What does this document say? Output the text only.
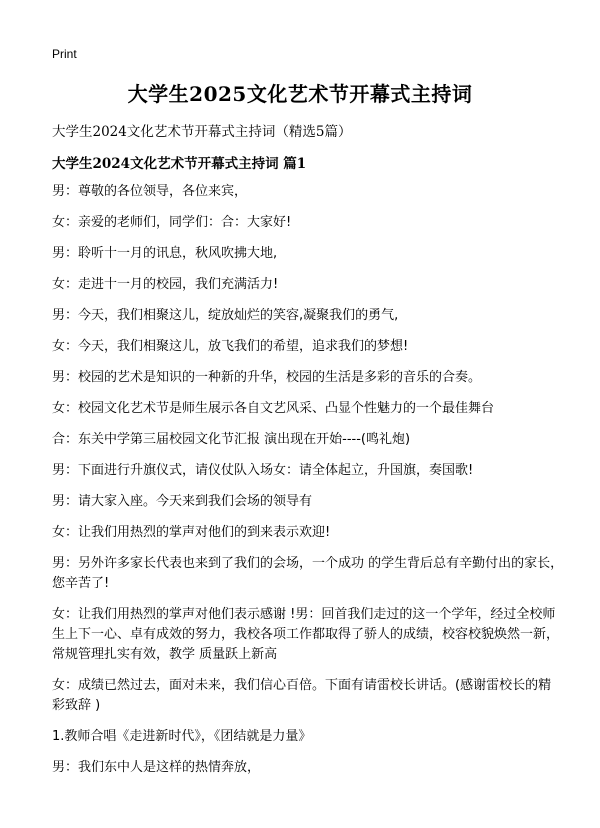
Print
大学生2025文化艺术节开幕式主持词
大学生2024文化艺术节开幕式主持词（精选5篇）
大学生2024文化艺术节开幕式主持词 篇1

男：尊敬的各位领导，各位来宾，

女：亲爱的老师们，同学们：合：大家好!

男：聆听十一月的讯息，秋风吹拂大地,

女：走进十一月的校园，我们充满活力!

男：今天，我们相聚这儿，绽放灿烂的笑容,凝聚我们的勇气,

女：今天，我们相聚这儿，放飞我们的希望，追求我们的梦想!

男：校园的艺术是知识的一种新的升华，校园的生活是多彩的音乐的合奏。

女：校园文化艺术节是师生展示各自文艺风采、凸显个性魅力的一个最佳舞台

合：东关中学第三届校园文化节汇报 演出现在开始----(鸣礼炮)

男：下面进行升旗仪式，请仪仗队入场女：请全体起立，升国旗，奏国歌!

男：请大家入座。今天来到我们会场的领导有

女：让我们用热烈的掌声对他们的到来表示欢迎!

男：另外许多家长代表也来到了我们的会场，一个成功 的学生背后总有辛勤付出的家长，您辛苦了!

女：让我们用热烈的掌声对他们表示感谢 !男：回首我们走过的这一个学年，经过全校师生上下一心、卓有成效的努力，我校各项工作都取得了骄人的成绩，校容校貌焕然一新，常规管理扎实有效，教学 质量跃上新高

女：成绩已然过去，面对未来，我们信心百倍。下面有请雷校长讲话。(感谢雷校长的精彩致辞 )

1.教师合唱《走进新时代》，《团结就是力量》

男：我们东中人是这样的热情奔放，
